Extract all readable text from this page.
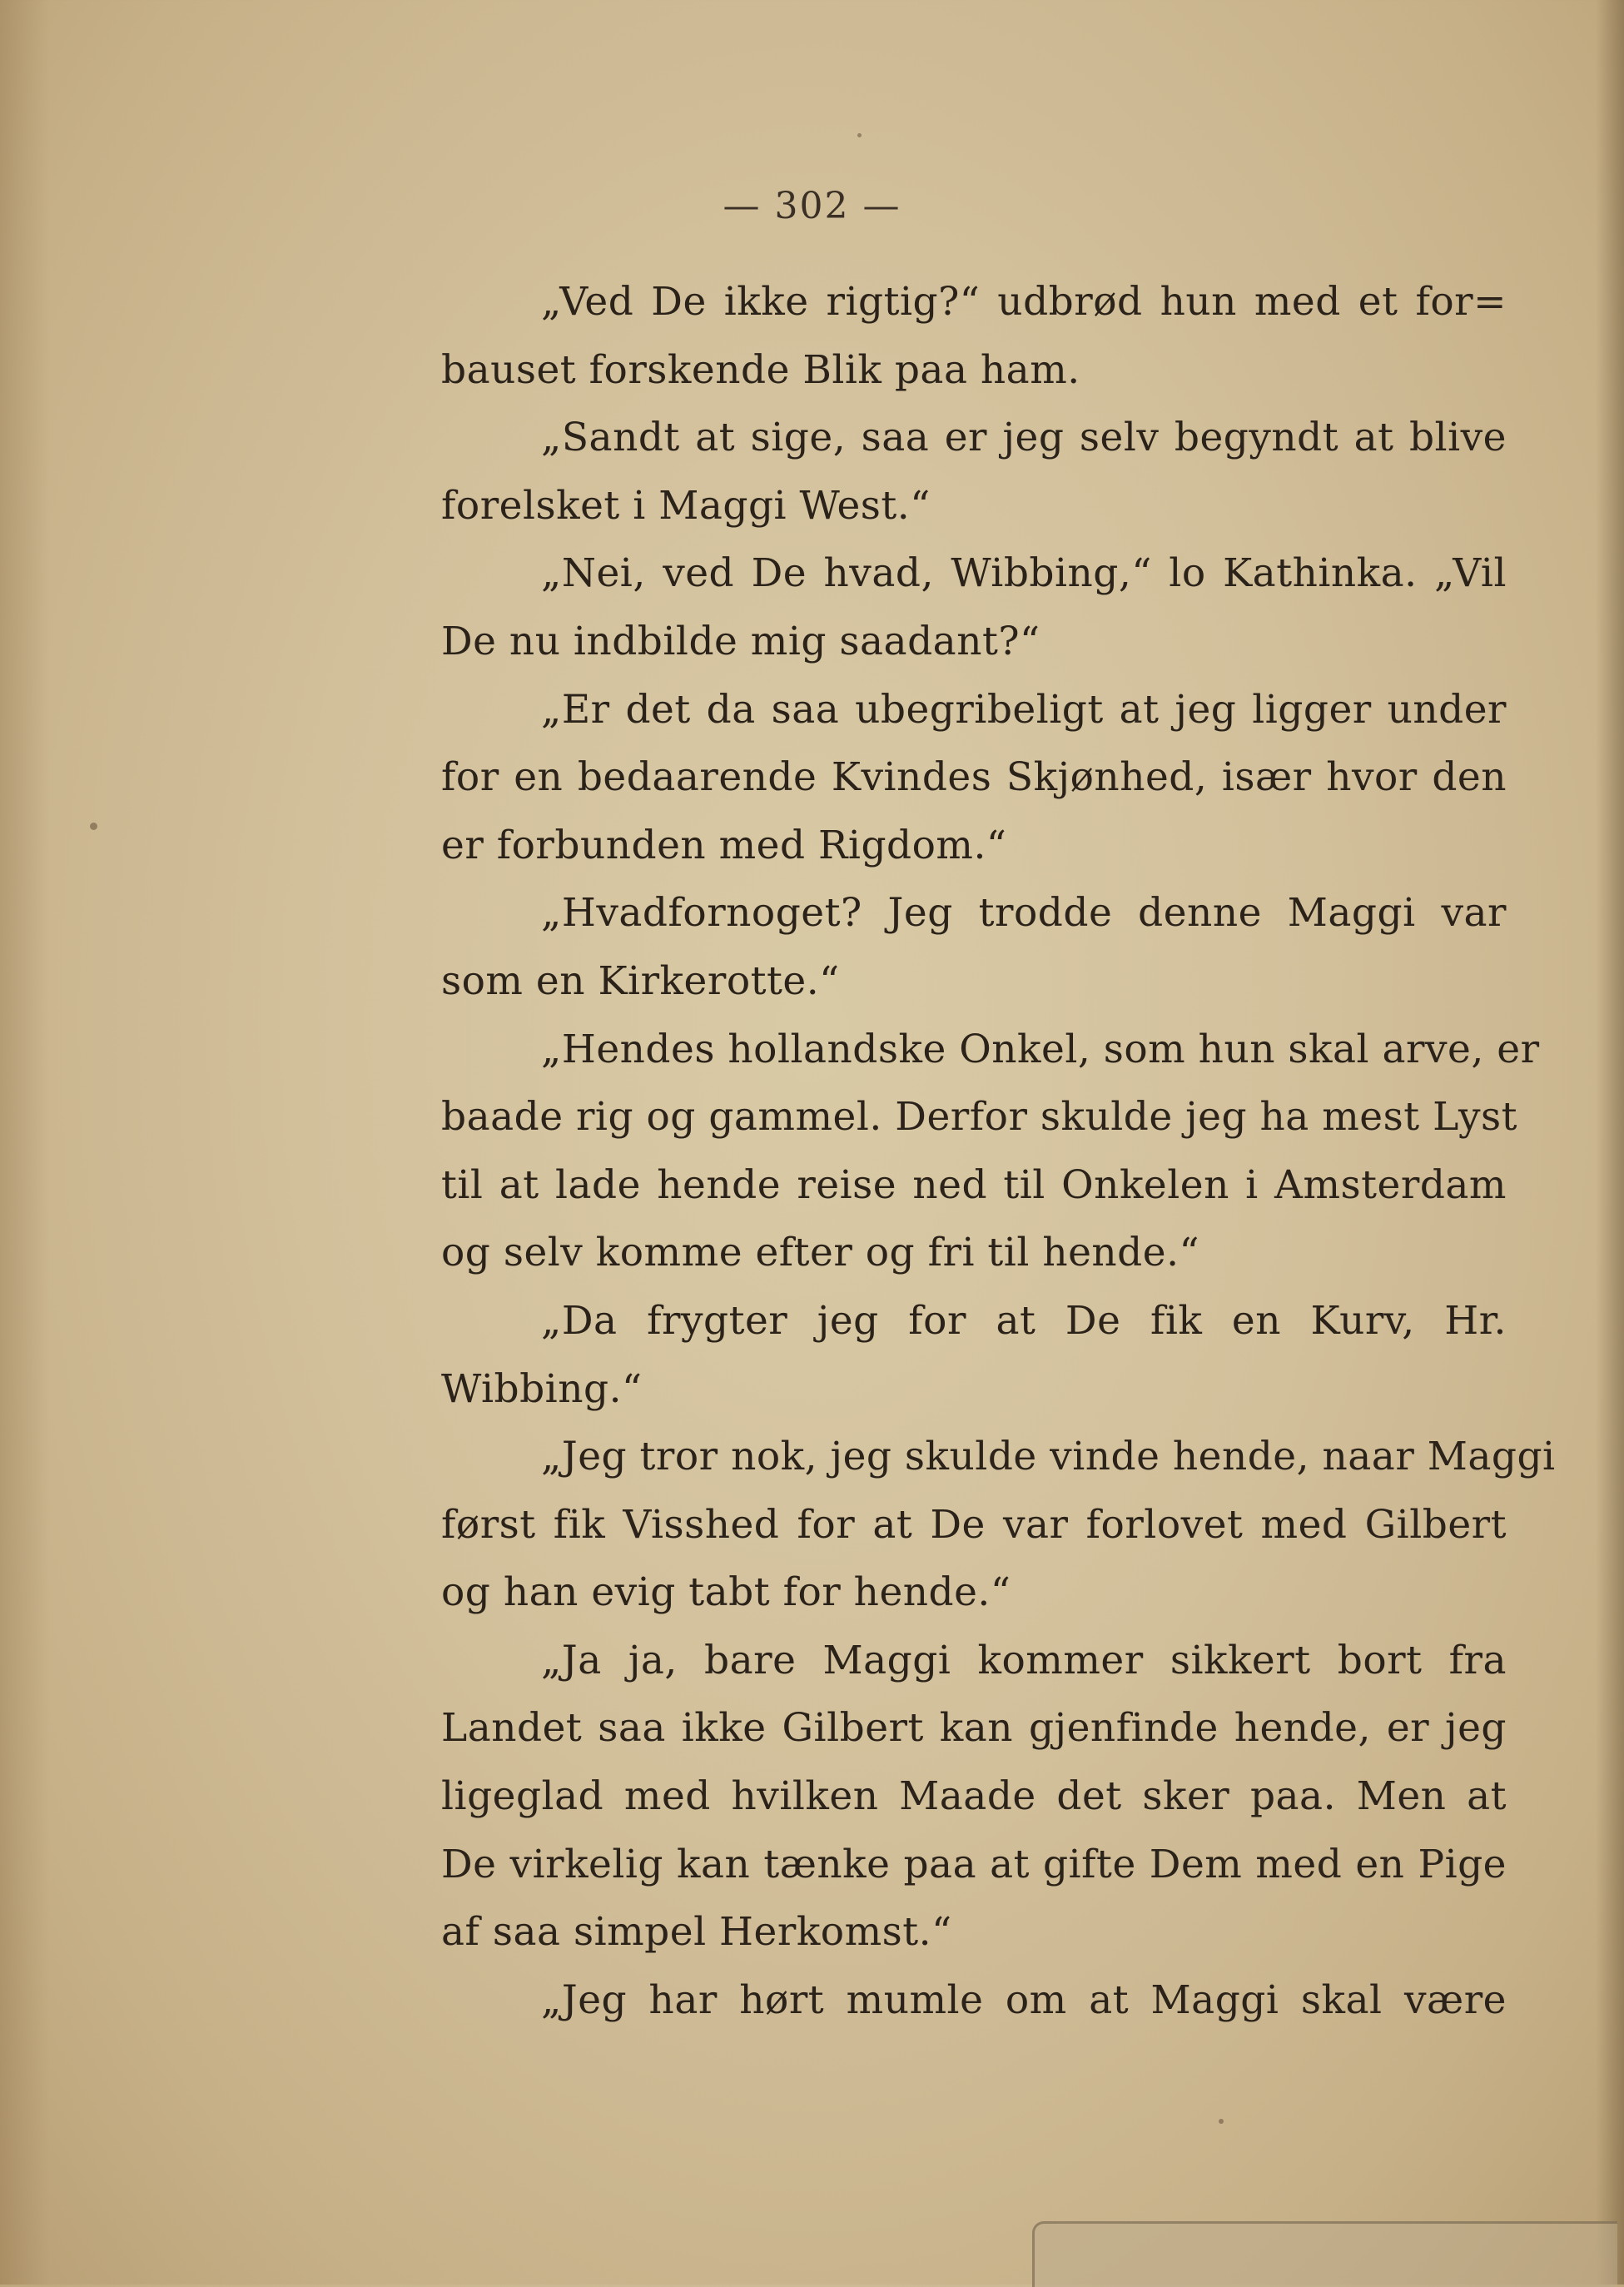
— 302 —
„Ved De ikke rigtig?“ udbrød hun med et for=
bauset forskende Blik paa ham.
„Sandt at sige, saa er jeg selv begyndt at blive
forelsket i Maggi West.“
„Nei, ved De hvad, Wibbing,“ lo Kathinka. „Vil
De nu indbilde mig saadant?“
„Er det da saa ubegribeligt at jeg ligger under
for en bedaarende Kvindes Skjønhed, især hvor den
er forbunden med Rigdom.“
„Hvadfornoget? Jeg trodde denne Maggi var
som en Kirkerotte.“
„Hendes hollandske Onkel, som hun skal arve, er
baade rig og gammel. Derfor skulde jeg ha mest Lyst
til at lade hende reise ned til Onkelen i Amsterdam
og selv komme efter og fri til hende.“
„Da frygter jeg for at De fik en Kurv, Hr.
Wibbing.“
„Jeg tror nok, jeg skulde vinde hende, naar Maggi
først fik Visshed for at De var forlovet med Gilbert
og han evig tabt for hende.“
„Ja ja, bare Maggi kommer sikkert bort fra
Landet saa ikke Gilbert kan gjenfinde hende, er jeg
ligeglad med hvilken Maade det sker paa. Men at
De virkelig kan tænke paa at gifte Dem med en Pige
af saa simpel Herkomst.“
„Jeg har hørt mumle om at Maggi skal være
